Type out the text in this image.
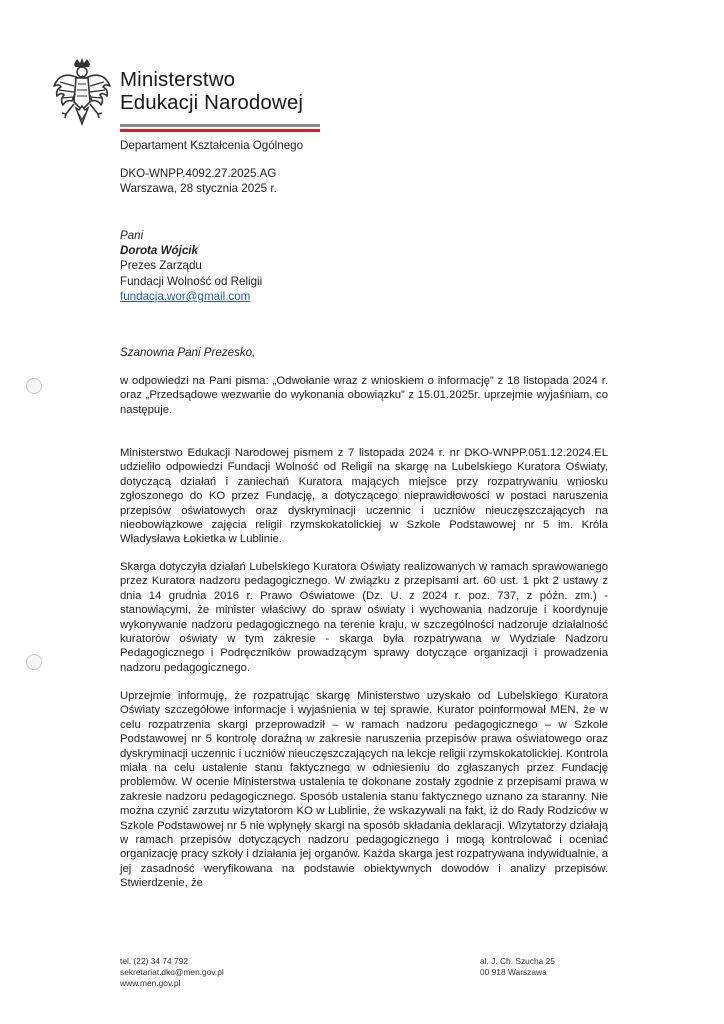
Ministerstwo
Edukacji Narodowej
Departament Kształcenia Ogólnego
DKO-WNPP.4092.27.2025.AG
Warszawa, 28 stycznia 2025 r.
Pani
Dorota Wójcik
Prezes Zarządu
Fundacji Wolność od Religii
fundacja.wor@gmail.com
Szanowna Pani Prezesko,
w odpowiedzi na Pani pisma: „Odwołanie wraz z wnioskiem o informację” z 18 listopada 2024 r. oraz „Przedsądowe wezwanie do wykonania obowiązku” z 15.01.2025r. uprzejmie wyjaśniam, co następuje.
Ministerstwo Edukacji Narodowej pismem z 7 listopada 2024 r. nr DKO-WNPP.051.12.2024.EL udzieliło odpowiedzi Fundacji Wolność od Religii na skargę na Lubelskiego Kuratora Oświaty, dotyczącą działań i zaniechań Kuratora mających miejsce przy rozpatrywaniu wniosku zgłoszonego do KO przez Fundację, a dotyczącego nieprawidłowości w postaci naruszenia przepisów oświatowych oraz dyskryminacji uczennic i uczniów nieuczęszczających na nieobowiązkowe zajęcia religii rzymskokatolickiej w Szkole Podstawowej nr 5 im. Króla Władysława Łokietka w Lublinie.
Skarga dotyczyła działań Lubelskiego Kuratora Oświaty realizowanych w ramach sprawowanego przez Kuratora nadzoru pedagogicznego. W związku z przepisami art. 60 ust. 1 pkt 2 ustawy z dnia 14 grudnia 2016 r. Prawo Oświatowe (Dz. U. z 2024 r. poz. 737, z późn. zm.) - stanowiącymi, że minister właściwy do spraw oświaty i wychowania nadzoruje i koordynuje wykonywanie nadzoru pedagogicznego na terenie kraju, w szczególności nadzoruje działalność kuratorów oświaty w tym zakresie - skarga była rozpatrywana w Wydziale Nadzoru Pedagogicznego i Podręczników prowadzącym sprawy dotyczące organizacji i prowadzenia nadzoru pedagogicznego.
Uprzejmie informuję, że rozpatrując skargę Ministerstwo uzyskało od Lubelskiego Kuratora Oświaty szczegółowe informacje i wyjaśnienia w tej sprawie. Kurator poinformował MEN, że w celu rozpatrzenia skargi przeprowadził – w ramach nadzoru pedagogicznego – w Szkole Podstawowej nr 5 kontrolę doraźną w zakresie naruszenia przepisów prawa oświatowego oraz dyskryminacji uczennic i uczniów nieuczęszczających na lekcje religii rzymskokatolickiej. Kontrola miała na celu ustalenie stanu faktycznego w odniesieniu do zgłaszanych przez Fundację problemów. W ocenie Ministerstwa ustalenia te dokonane zostały zgodnie z przepisami prawa w zakresie nadzoru pedagogicznego. Sposób ustalenia stanu faktycznego uznano za staranny. Nie można czynić zarzutu wizytatorom KO w Lublinie, że wskazywali na fakt, iż do Rady Rodziców w Szkole Podstawowej nr 5 nie wpłynęły skargi na sposób składania deklaracji. Wizytatorzy działają w ramach przepisów dotyczących nadzoru pedagogicznego i mogą kontrolować i oceniać organizację pracy szkoły i działania jej organów. Każda skarga jest rozpatrywana indywidualnie, a jej zasadność weryfikowana na podstawie obiektywnych dowodów i analizy przepisów. Stwierdzenie, że
tel. (22) 34 74 792
sekretariat.dko@men.gov.pl
www.men.gov.pl
al. J. Ch. Szucha 25
00 918 Warszawa
